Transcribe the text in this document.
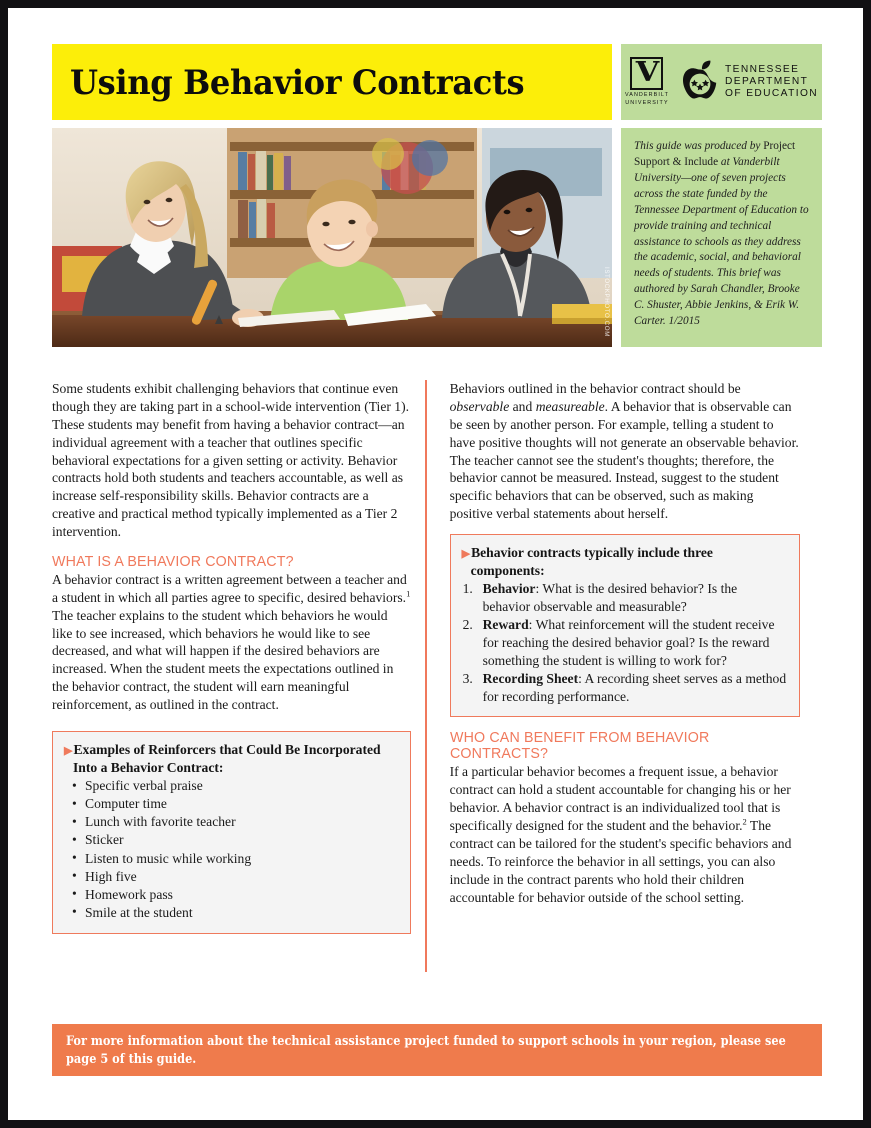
Using Behavior Contracts	V
VANDERBILT
UNIVERSITY
TENNESSEE
DEPARTMENT
OF EDUCATION
ISTOCKPHOTO.COM

This guide was produced by Project Support & Include at Vanderbilt University—one of seven projects across the state funded by the Tennessee Department of Education to provide training and technical assistance to schools as they address the academic, social, and behavioral needs of students. This brief was authored by Sarah Chandler, Brooke C. Shuster, Abbie Jenkins, & Erik W. Carter. 1/2015

Some students exhibit challenging behaviors that continue even though they are taking part in a school-wide intervention (Tier 1). These students may benefit from having a behavior contract—an individual agreement with a teacher that outlines specific behavioral expectations for a given setting or activity. Behavior contracts hold both students and teachers accountable, as well as increase self-responsibility skills. Behavior contracts are a creative and practical method typically implemented as a Tier 2 intervention.

WHAT IS A BEHAVIOR CONTRACT?

A behavior contract is a written agreement between a teacher and a student in which all parties agree to specific, desired behaviors.$^1$ The teacher explains to the student which behaviors he would like to see increased, which behaviors he would like to see decreased, and what will happen if the desired behaviors are increased. When the student meets the expectations outlined in the behavior contract, the student will earn meaningful reinforcement, as outlined in the contract.

▶Examples of Reinforcers that Could Be Incorporated Into a Behavior Contract:
• Specific verbal praise
• Computer time
• Lunch with favorite teacher
• Sticker
• Listen to music while working
• High five
• Homework pass
• Smile at the student

Behaviors outlined in the behavior contract should be observable and measureable. A behavior that is observable can be seen by another person. For example, telling a student to have positive thoughts will not generate an observable behavior. The teacher cannot see the student's thoughts; therefore, the behavior cannot be measured. Instead, suggest to the student specific behaviors that can be observed, such as making positive verbal statements about herself.

▶Behavior contracts typically include three components:
Behavior: What is the desired behavior? Is the behavior observable and measurable?
Reward: What reinforcement will the student receive for reaching the desired behavior goal? Is the reward something the student is willing to work for?
Recording Sheet: A recording sheet serves as a method for recording performance.
WHO CAN BENEFIT FROM BEHAVIOR CONTRACTS?

If a particular behavior becomes a frequent issue, a behavior contract can hold a student accountable for changing his or her behavior. A behavior contract is an individualized tool that is specifically designed for the student and the behavior.$^2$ The contract can be tailored for the student's specific behaviors and needs. To reinforce the behavior in all settings, you can also include in the contract parents who hold their children accountable for behavior outside of the school setting.

For more information about the technical assistance project funded to support schools in your region, please see page 5 of this guide.
